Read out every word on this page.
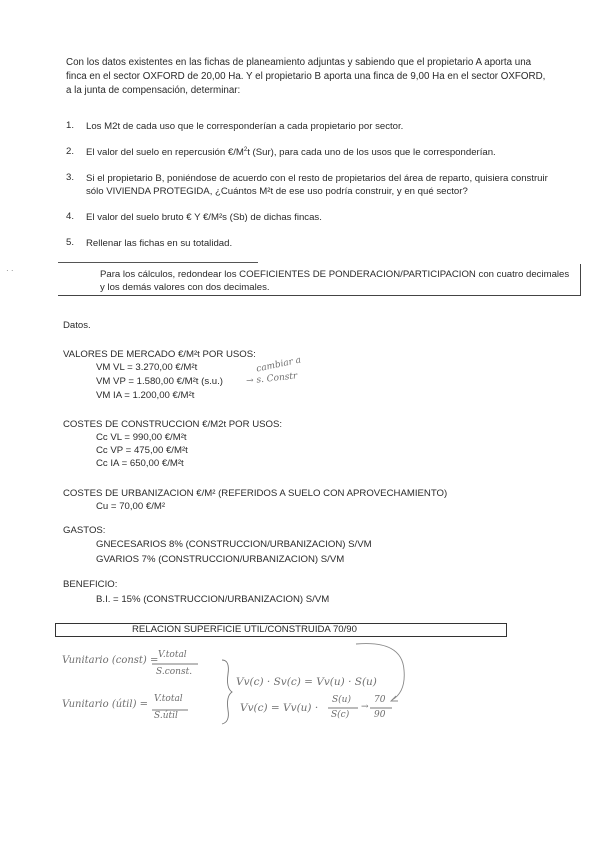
Con los datos existentes en las fichas de planeamiento adjuntas y sabiendo que el propietario A aporta una finca en el sector OXFORD de 20,00 Ha. Y el propietario B aporta una finca de 9,00 Ha en el sector OXFORD, a la junta de compensación, determinar:
1. Los M2t de cada uso que le corresponderían a cada propietario por sector.
2. El valor del suelo en repercusión $€/M^2t$ (Sur), para cada uno de los usos que le corresponderían.
3. Si el propietario B, poniéndose de acuerdo con el resto de propietarios del área de reparto, quisiera construir sólo VIVIENDA PROTEGIDA, ¿Cuántos M²t de ese uso podría construir, y en qué sector?
4. El valor del suelo bruto € Y €/M²s (Sb) de dichas fincas.
5. Rellenar las fichas en su totalidad.
Para los cálculos, redondear los COEFICIENTES DE PONDERACION/PARTICIPACION con cuatro decimales y los demás valores con dos decimales.
· ·
Datos.
VALORES DE MERCADO €/M²t POR USOS:
VM VL = 3.270,00 €/M²t
VM VP = 1.580,00 €/M²t (s.u.)
VM IA = 1.200,00 €/M²t
cambiar a
→ s. Constr
COSTES DE CONSTRUCCION €/M2t POR USOS:
Cc VL = 990,00 €/M²t
Cc VP = 475,00 €/M²t
Cc IA = 650,00 €/M²t
COSTES DE URBANIZACION €/M² (REFERIDOS A SUELO CON APROVECHAMIENTO)
Cu = 70,00 €/M²
GASTOS:
GNECESARIOS 8% (CONSTRUCCION/URBANIZACION) S/VM
GVARIOS 7% (CONSTRUCCION/URBANIZACION) S/VM
BENEFICIO:
B.I. = 15% (CONSTRUCCION/URBANIZACION) S/VM
RELACION SUPERFICIE UTIL/CONSTRUIDA 70/90
Vunitario (const) = V.total
S.const.
Vunitario (útil) = V.total
S.útil
Vv(c) · Sv(c) = Vv(u) · S(u)
Vv(c) = Vv(u) ·
S(u)
S(c)
→
70
90
